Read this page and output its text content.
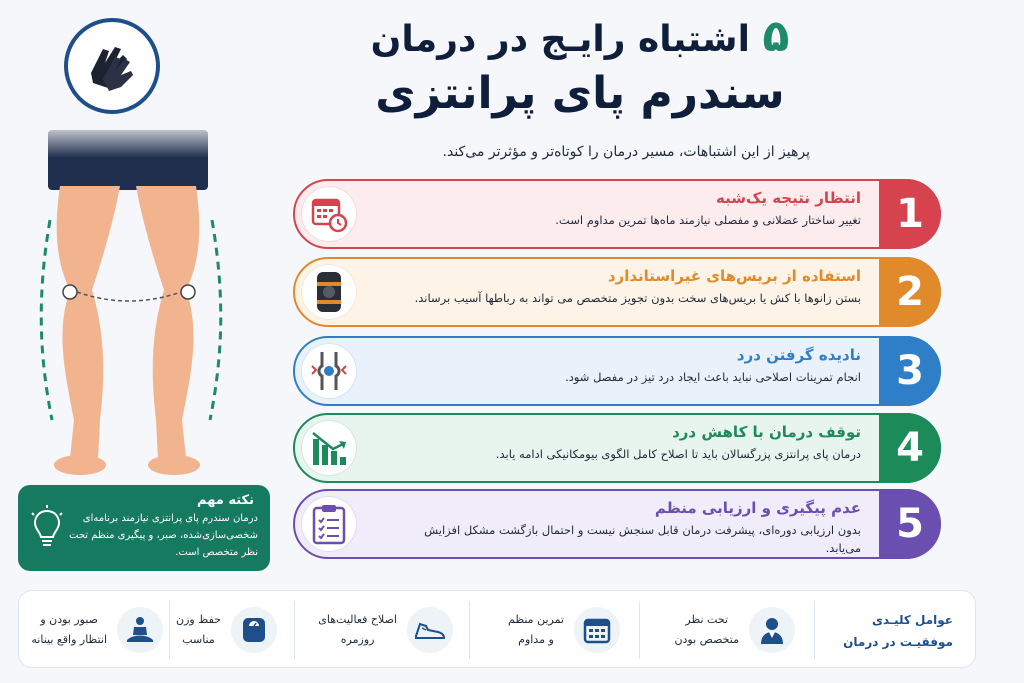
۵ اشتباه رایـج در درمان
سندرم پای پرانتزی
پرهیز از این اشتباهات، مسیر درمان را کوتاه‌تر و مؤثرتر می‌کند.
نکته مهم
درمان سندرم پای پرانتزی نیازمند برنامه‌ای شخصی‌سازی‌شده، صبر، و پیگیری منظم تحت نظر متخصص است.
1
انتظار نتیجه یک‌شبه
تغییر ساختار عضلانی و مفصلی نیازمند ماه‌ها تمرین مداوم است.
2
استفاده از بریس‌های غیراستاندارد
بستن زانوها با کش یا بریس‌های سخت بدون تجویز متخصص می تواند به رباطها آسیب برساند.
3
نادیده گرفتن درد
انجام تمرینات اصلاحی نباید باعث ایجاد درد تیز در مفصل شود.
4
توقف درمان با کاهش درد
درمان پای پرانتزی پزرگسالان باید تا اصلاح کامل الگوی بیومکانیکی ادامه یابد.
5
عدم پیگیری و ارزیابی منظم
بدون ارزیابی دوره‌ای، پیشرفت درمان قابل سنجش نیست و احتمال بازگشت مشکل افزایش می‌یابد.
عوامل کلیـدی
موفقیـت در درمان
تحت نظر
متخصص بودن
تمرین منظم
و مداوم
اصلاح فعالیت‌های
روزمره
حفظ وزن
مناسب
صبور بودن و
انتظار واقع بینانه
